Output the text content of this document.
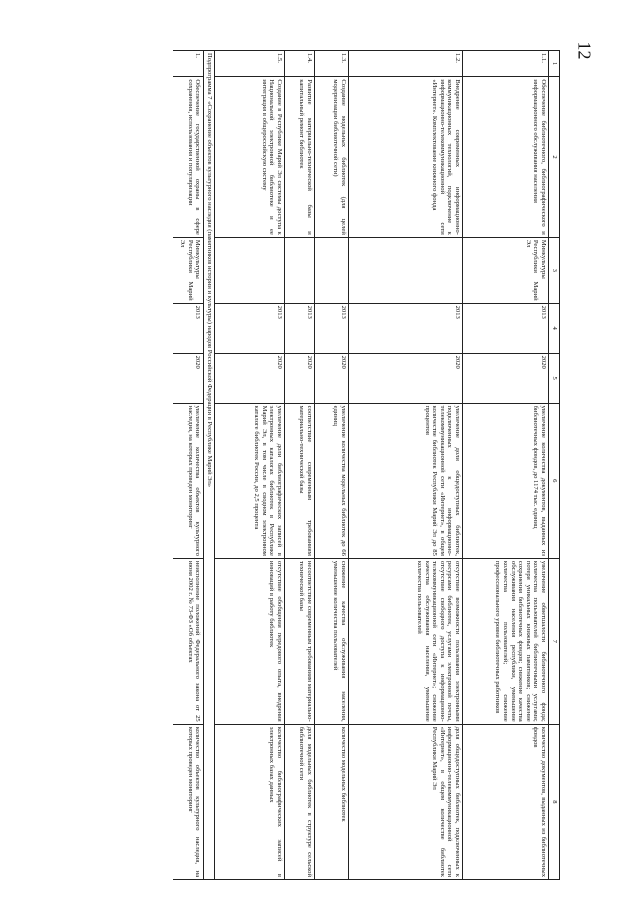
12
1	2	3	4	5	6	7	8
1.1.	Обеспечение библиотечного, библиографического и информационного обслуживания населения	Минкультуры Республики Марий Эл	2013	2020	увеличение количества документов, выданных из библиотечных фондов, до 1174 тыс. единиц	увеличение обветшалости библиотечного фонда; количества пользователей библиотечными услугами; потеря уникальных книжных памятников; снижение сохранения библиотечных фондов; снижение качества обслуживания населения республики, уменьшение количества пользователей; снижение профессионального уровня библиотечных работников	количество документов, выданных из библиотечных фондов
1.2.	Внедрение современных информационно-коммуникационных технологий, подключение к информационно-телекоммуникационной сети «Интернет». Комплектование книжного фонда		2013	2020	увеличение доли общедоступных библиотек, подключенных к информационно-телекоммуникационной сети «Интернет», в общем количестве библиотек Республики Марий Эл до 85 процентов	отсутствие возможности пользования электронными ресурсами библиотек, услугами электронной почты, отсутствие свободного доступа к информационно-телекоммуникационной сети «Интернет»; снижение качества обслуживания населения, уменьшение количества пользователей	доля общедоступных библиотек, подключенных к информационно-телекоммуникационной сети «Интернет», в общем количестве библиотек Республики Марий Эл
1.3.	Создание модельных библиотек (для целей модернизации библиотечной сети)		2013	2020	увеличение количества модельных библиотек до 66 единиц	снижение качества обслуживания населения, уменьшение количества пользователей	количество модельных библиотек
1.4.	Развитие материально-технической базы и капитальный ремонт библиотек		2013	2020	соответствие современным требованиям материально-технической базы	несоответствие современным требованиям материально-технической базы	доля модельных библиотек в структуре сельской библиотечной сети
1.5.	Создание в Республике Марий Эл системы доступа к Национальной электронной библиотеке и ее интеграция в общероссийскую систему		2013	2020	увеличение доли библиографических записей в электронных каталогах библиотек в Республике Марий Эл, в том числе в сводном электронном каталоге библиотек России, до 2,5 процента	отсутствие обобщения передового опыта, внедрения инноваций в работу библиотек	количество библиографических записей в электронных базах данных
Подпрограмма 7 «Сохранение объектов культурного наследия (памятников истории и культуры) народов Российской Федерации в Республике Марий Эл»							
1.	Обеспечение государственной охраны в сфере сохранения, использования и популяризации	Минкультуры Республики Марий Эл	2013	2020	увеличение количества объектов культурного наследия, на которых проведен мониторинг	неисполнение положений Федерального закона от 25 июня 2002 г. № 73-ФЗ «Об объектах	количество объектов культурного наследия, на которых проведен мониторинг
